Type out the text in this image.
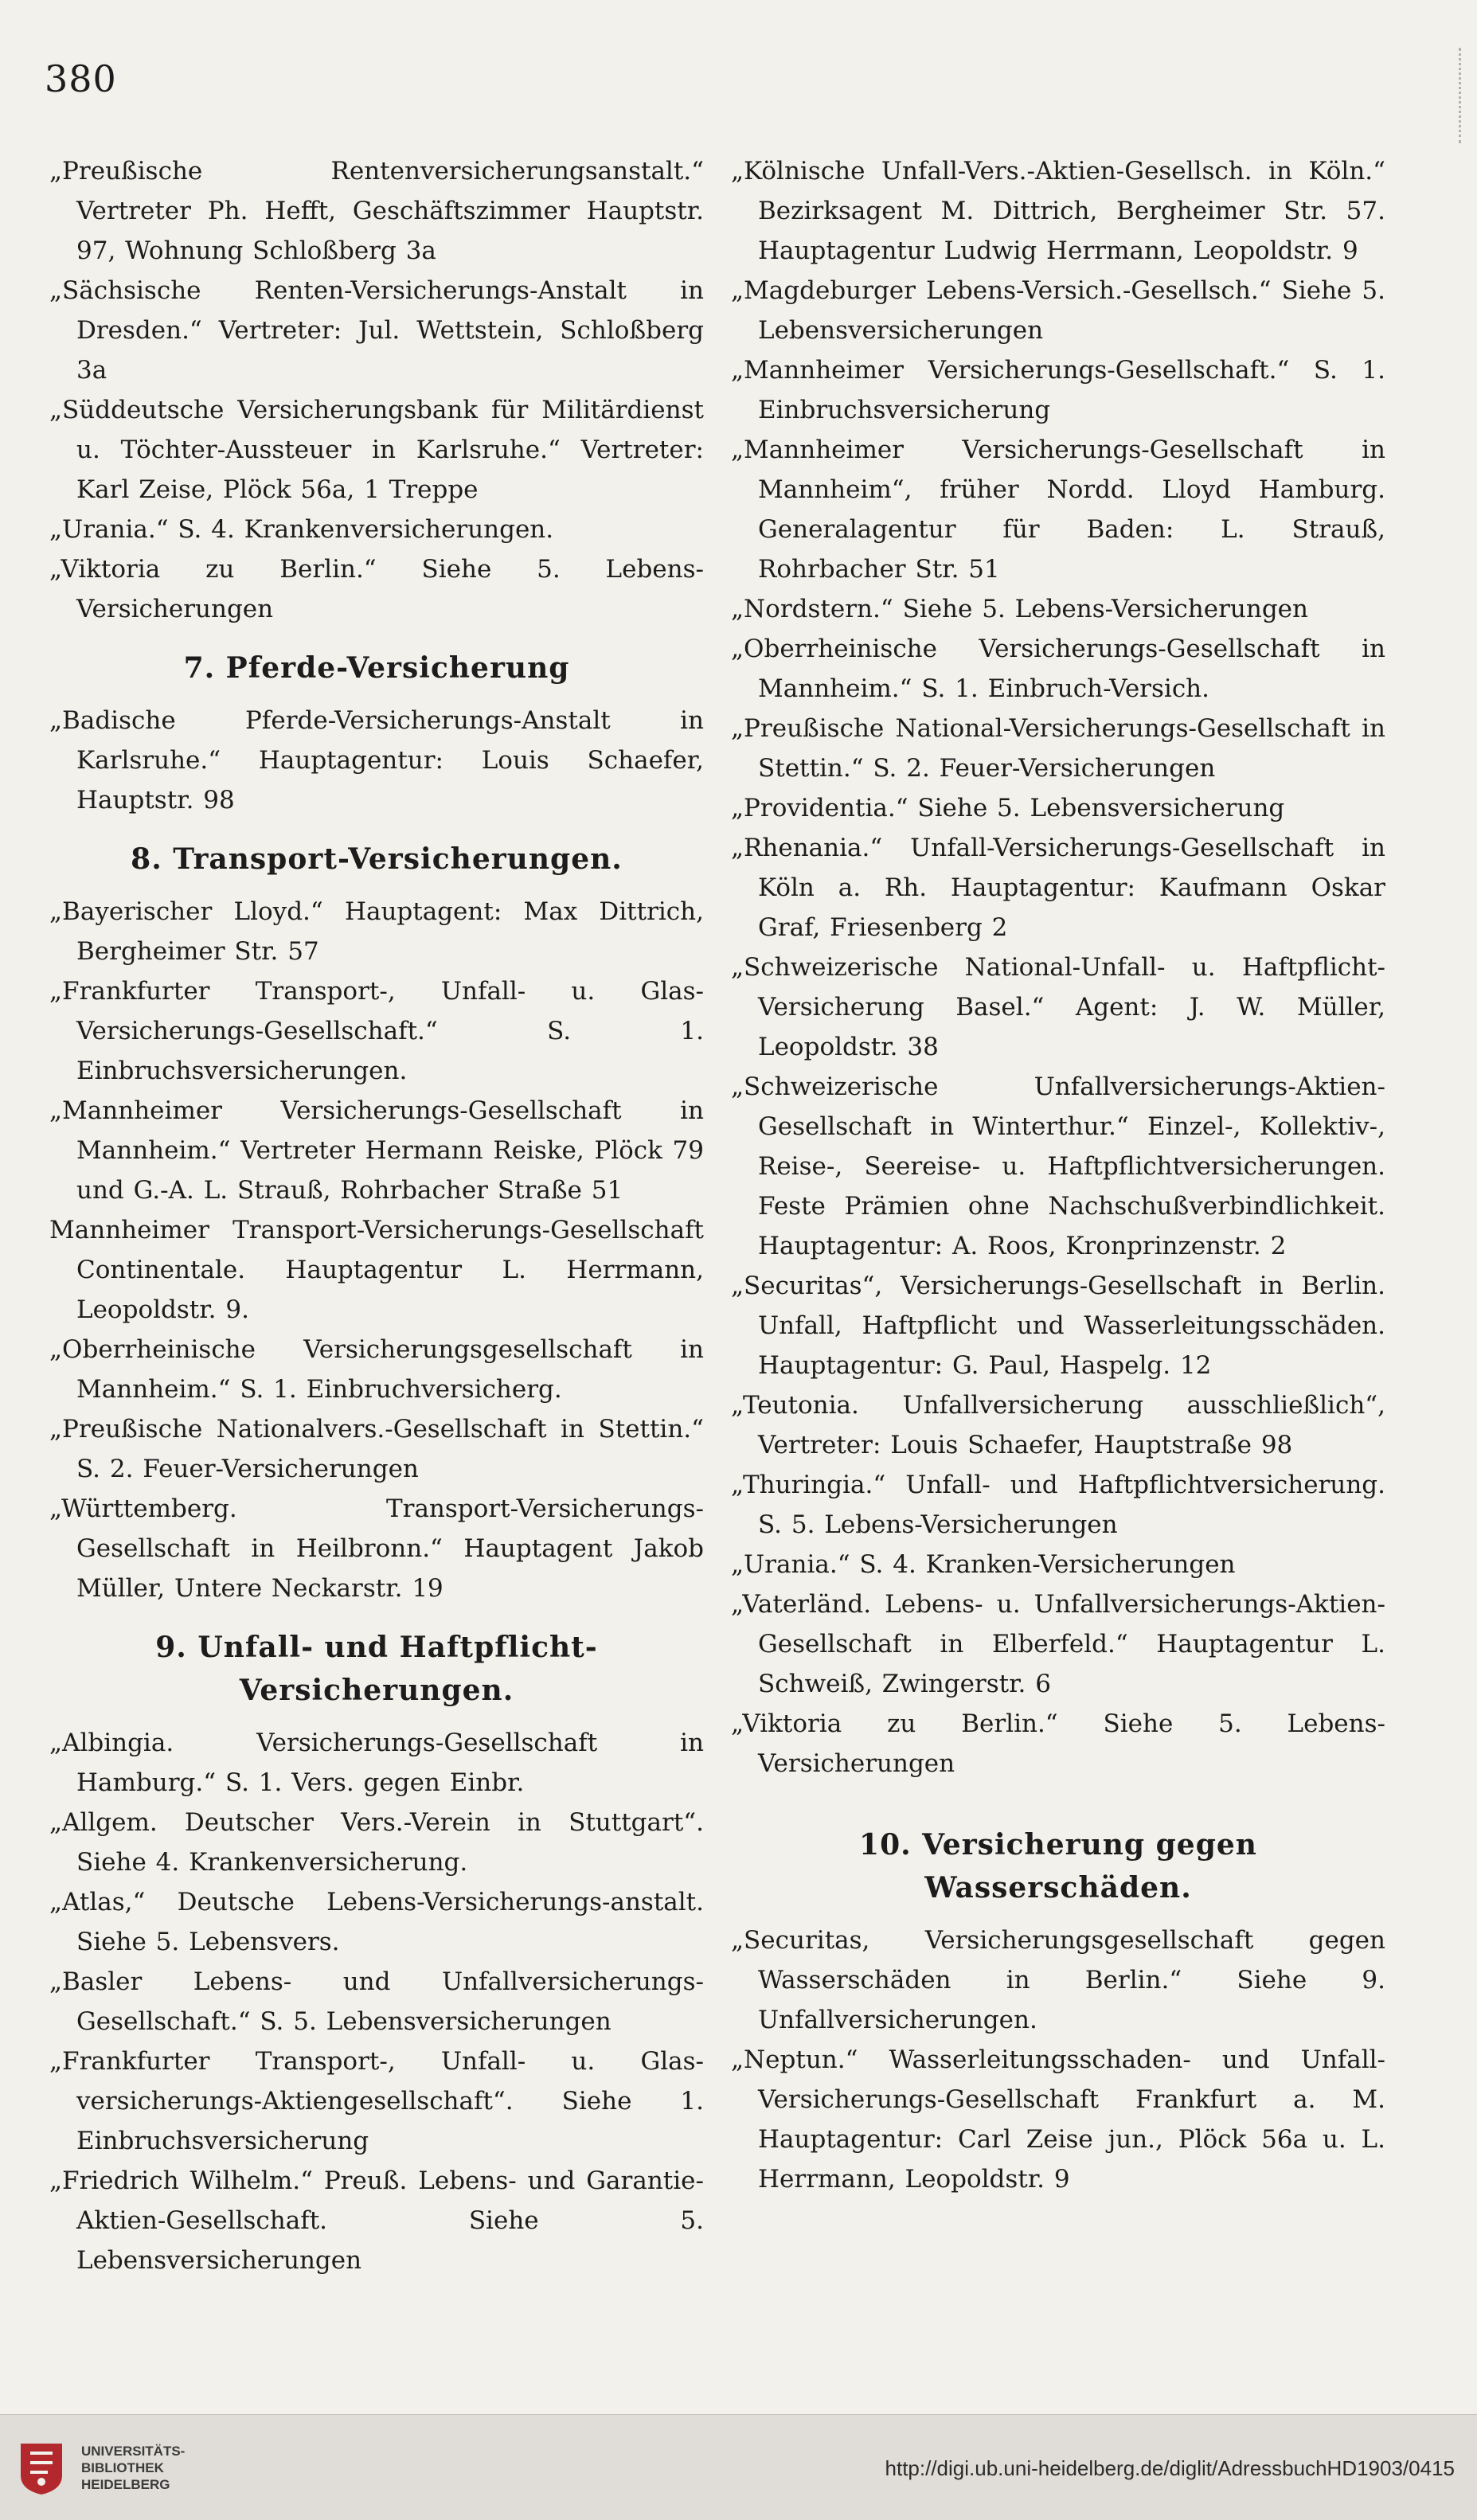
380

„Preußische Rentenversicherungsanstalt.“ Vertreter Ph. Hefft, Geschäftszimmer Hauptstr. 97, Wohnung Schloßberg 3a

„Sächsische Renten-Versicherungs-Anstalt in Dresden.“ Vertreter: Jul. Wettstein, Schloßberg 3a

„Süddeutsche Versicherungsbank für Militärdienst u. Töchter-Aussteuer in Karlsruhe.“ Vertreter: Karl Zeise, Plöck 56a, 1 Treppe

„Urania.“ S. 4. Krankenversicherungen.

„Viktoria zu Berlin.“ Siehe 5. Lebens-Versicherungen

7. Pferde-Versicherung

„Badische Pferde-Versicherungs-Anstalt in Karlsruhe.“ Hauptagentur: Louis Schaefer, Hauptstr. 98

8. Transport-Versicherungen.

„Bayerischer Lloyd.“ Hauptagent: Max Dittrich, Bergheimer Str. 57

„Frankfurter Transport-, Unfall- u. Glas-Versicherungs-Gesellschaft.“ S. 1. Einbruchsversicherungen.

„Mannheimer Versicherungs-Gesellschaft in Mannheim.“ Vertreter Hermann Reiske, Plöck 79 und G.-A. L. Strauß, Rohrbacher Straße 51

Mannheimer Transport-Versicherungs-Gesellschaft Continentale. Hauptagentur L. Herrmann, Leopoldstr. 9.

„Oberrheinische Versicherungsgesellschaft in Mannheim.“ S. 1. Einbruchversicherg.

„Preußische Nationalvers.-Gesellschaft in Stettin.“ S. 2. Feuer-Versicherungen

„Württemberg. Transport-Versicherungs-Gesellschaft in Heilbronn.“ Hauptagent Jakob Müller, Untere Neckarstr. 19

9. Unfall- und Haftpflicht-Versicherungen.

„Albingia. Versicherungs-Gesellschaft in Hamburg.“ S. 1. Vers. gegen Einbr.

„Allgem. Deutscher Vers.-Verein in Stuttgart“. Siehe 4. Krankenversicherung.

„Atlas,“ Deutsche Lebens-Versicherungs-anstalt. Siehe 5. Lebensvers.

„Basler Lebens- und Unfallversicherungs-Gesellschaft.“ S. 5. Lebensversicherungen

„Frankfurter Transport-, Unfall- u. Glas-versicherungs-Aktiengesellschaft“. Siehe 1. Einbruchsversicherung

„Friedrich Wilhelm.“ Preuß. Lebens- und Garantie-Aktien-Gesellschaft. Siehe 5. Lebensversicherungen

„Kölnische Unfall-Vers.-Aktien-Gesellsch. in Köln.“ Bezirksagent M. Dittrich, Bergheimer Str. 57. Hauptagentur Ludwig Herrmann, Leopoldstr. 9

„Magdeburger Lebens-Versich.-Gesellsch.“ Siehe 5. Lebensversicherungen

„Mannheimer Versicherungs-Gesellschaft.“ S. 1. Einbruchsversicherung

„Mannheimer Versicherungs-Gesellschaft in Mannheim“, früher Nordd. Lloyd Hamburg. Generalagentur für Baden: L. Strauß, Rohrbacher Str. 51

„Nordstern.“ Siehe 5. Lebens-Versicherungen

„Oberrheinische Versicherungs-Gesellschaft in Mannheim.“ S. 1. Einbruch-Versich.

„Preußische National-Versicherungs-Gesellschaft in Stettin.“ S. 2. Feuer-Versicherungen

„Providentia.“ Siehe 5. Lebensversicherung

„Rhenania.“ Unfall-Versicherungs-Gesellschaft in Köln a. Rh. Hauptagentur: Kaufmann Oskar Graf, Friesenberg 2

„Schweizerische National-Unfall- u. Haftpflicht-Versicherung Basel.“ Agent: J. W. Müller, Leopoldstr. 38

„Schweizerische Unfallversicherungs-Aktien-Gesellschaft in Winterthur.“ Einzel-, Kollektiv-, Reise-, Seereise- u. Haftpflichtversicherungen. Feste Prämien ohne Nachschußverbindlichkeit. Hauptagentur: A. Roos, Kronprinzenstr. 2

„Securitas“, Versicherungs-Gesellschaft in Berlin. Unfall, Haftpflicht und Wasserleitungsschäden. Hauptagentur: G. Paul, Haspelg. 12

„Teutonia. Unfallversicherung ausschließlich“, Vertreter: Louis Schaefer, Hauptstraße 98

„Thuringia.“ Unfall- und Haftpflichtversicherung. S. 5. Lebens-Versicherungen

„Urania.“ S. 4. Kranken-Versicherungen

„Vaterländ. Lebens- u. Unfallversicherungs-Aktien-Gesellschaft in Elberfeld.“ Hauptagentur L. Schweiß, Zwingerstr. 6

„Viktoria zu Berlin.“ Siehe 5. Lebens-Versicherungen

10. Versicherung gegen Wasserschäden.

„Securitas, Versicherungsgesellschaft gegen Wasserschäden in Berlin.“ Siehe 9. Unfallversicherungen.

„Neptun.“ Wasserleitungsschaden- und Unfall-Versicherungs-Gesellschaft Frankfurt a. M. Hauptagentur: Carl Zeise jun., Plöck 56a u. L. Herrmann, Leopoldstr. 9

UNIVERSITÄTS-
BIBLIOTHEK
HEIDELBERG
http://digi.ub.uni-heidelberg.de/diglit/AdressbuchHD1903/0415
